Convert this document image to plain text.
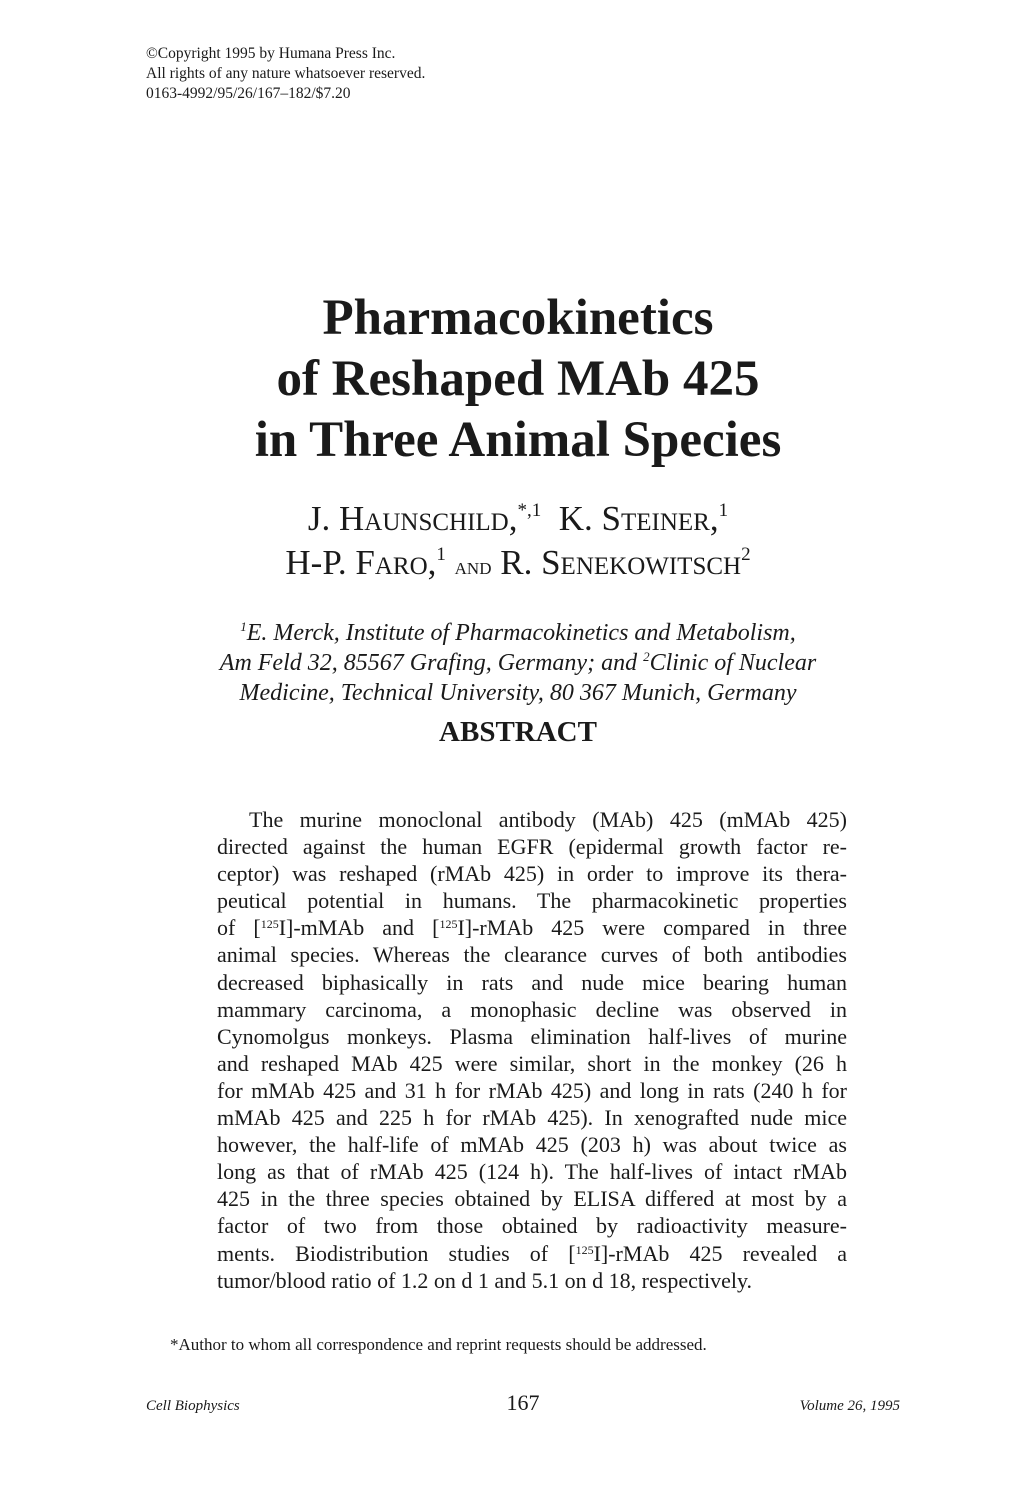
©Copyright 1995 by Humana Press Inc.
All rights of any nature whatsoever reserved.
0163-4992/95/26/167–182/$7.20
Pharmacokinetics
of Reshaped MAb 425
in Three Animal Species
J. Haunschild,$^{*,1}$ K. Steiner,$^1$
H-P. Faro,$^1$ and R. Senekowitsch$^2$
$^1$E. Merck, Institute of Pharmacokinetics and Metabolism,
Am Feld 32, 85567 Grafing, Germany; and $^2$Clinic of Nuclear
Medicine, Technical University, 80 367 Munich, Germany
ABSTRACT
The murine monoclonal antibody (MAb) 425 (mMAb 425)
directed against the human EGFR (epidermal growth factor re-
ceptor) was reshaped (rMAb 425) in order to improve its thera-
peutical potential in humans. The pharmacokinetic properties
of [$^{125}$I]-mMAb and [$^{125}$I]-rMAb 425 were compared in three
animal species. Whereas the clearance curves of both antibodies
decreased biphasically in rats and nude mice bearing human
mammary carcinoma, a monophasic decline was observed in
Cynomolgus monkeys. Plasma elimination half-lives of murine
and reshaped MAb 425 were similar, short in the monkey (26 h
for mMAb 425 and 31 h for rMAb 425) and long in rats (240 h for
mMAb 425 and 225 h for rMAb 425). In xenografted nude mice
however, the half-life of mMAb 425 (203 h) was about twice as
long as that of rMAb 425 (124 h). The half-lives of intact rMAb
425 in the three species obtained by ELISA differed at most by a
factor of two from those obtained by radioactivity measure-
ments. Biodistribution studies of [$^{125}$I]-rMAb 425 revealed a
tumor/blood ratio of 1.2 on d 1 and 5.1 on d 18, respectively.
*Author to whom all correspondence and reprint requests should be addressed.
Cell Biophysics	167	Volume 26, 1995
